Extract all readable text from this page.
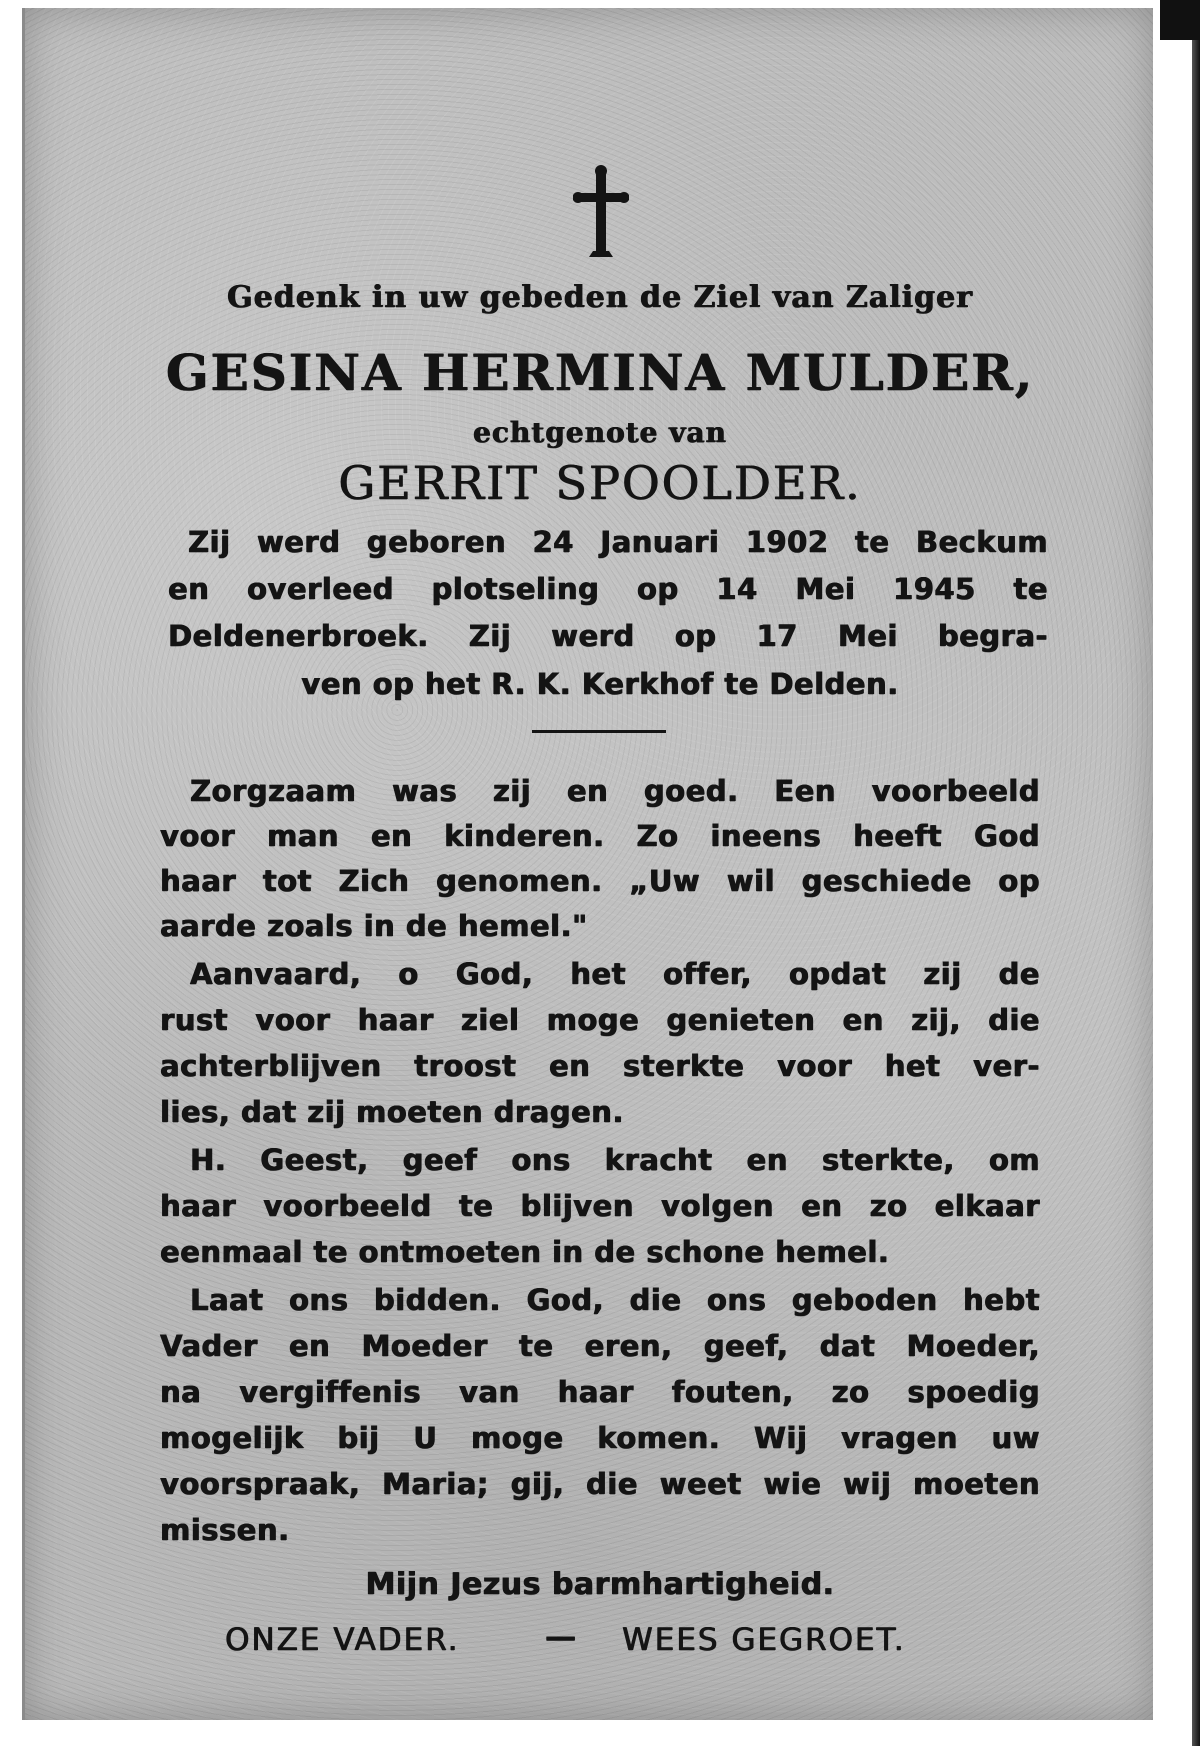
Gedenk in uw gebeden de Ziel van Zaliger
GESINA HERMINA MULDER,
echtgenote van
GERRIT SPOOLDER.
Zij werd geboren 24 Januari 1902 te Beckum
en overleed plotseling op 14 Mei 1945 te
Deldenerbroek. Zij werd op 17 Mei begra-
ven op het R. K. Kerkhof te Delden.
Zorgzaam was zij en goed. Een voorbeeld
voor man en kinderen. Zo ineens heeft God
haar tot Zich genomen. „Uw wil geschiede op
aarde zoals in de hemel."
Aanvaard, o God, het offer, opdat zij de
rust voor haar ziel moge genieten en zij, die
achterblijven troost en sterkte voor het ver-
lies, dat zij moeten dragen.
H. Geest, geef ons kracht en sterkte, om
haar voorbeeld te blijven volgen en zo elkaar
eenmaal te ontmoeten in de schone hemel.
Laat ons bidden. God, die ons geboden hebt
Vader en Moeder te eren, geef, dat Moeder,
na vergiffenis van haar fouten, zo spoedig
mogelijk bij U moge komen. Wij vragen uw
voorspraak, Maria; gij, die weet wie wij moeten
missen.
Mijn Jezus barmhartigheid.
ONZE VADER.	— WEES GEGROET.
